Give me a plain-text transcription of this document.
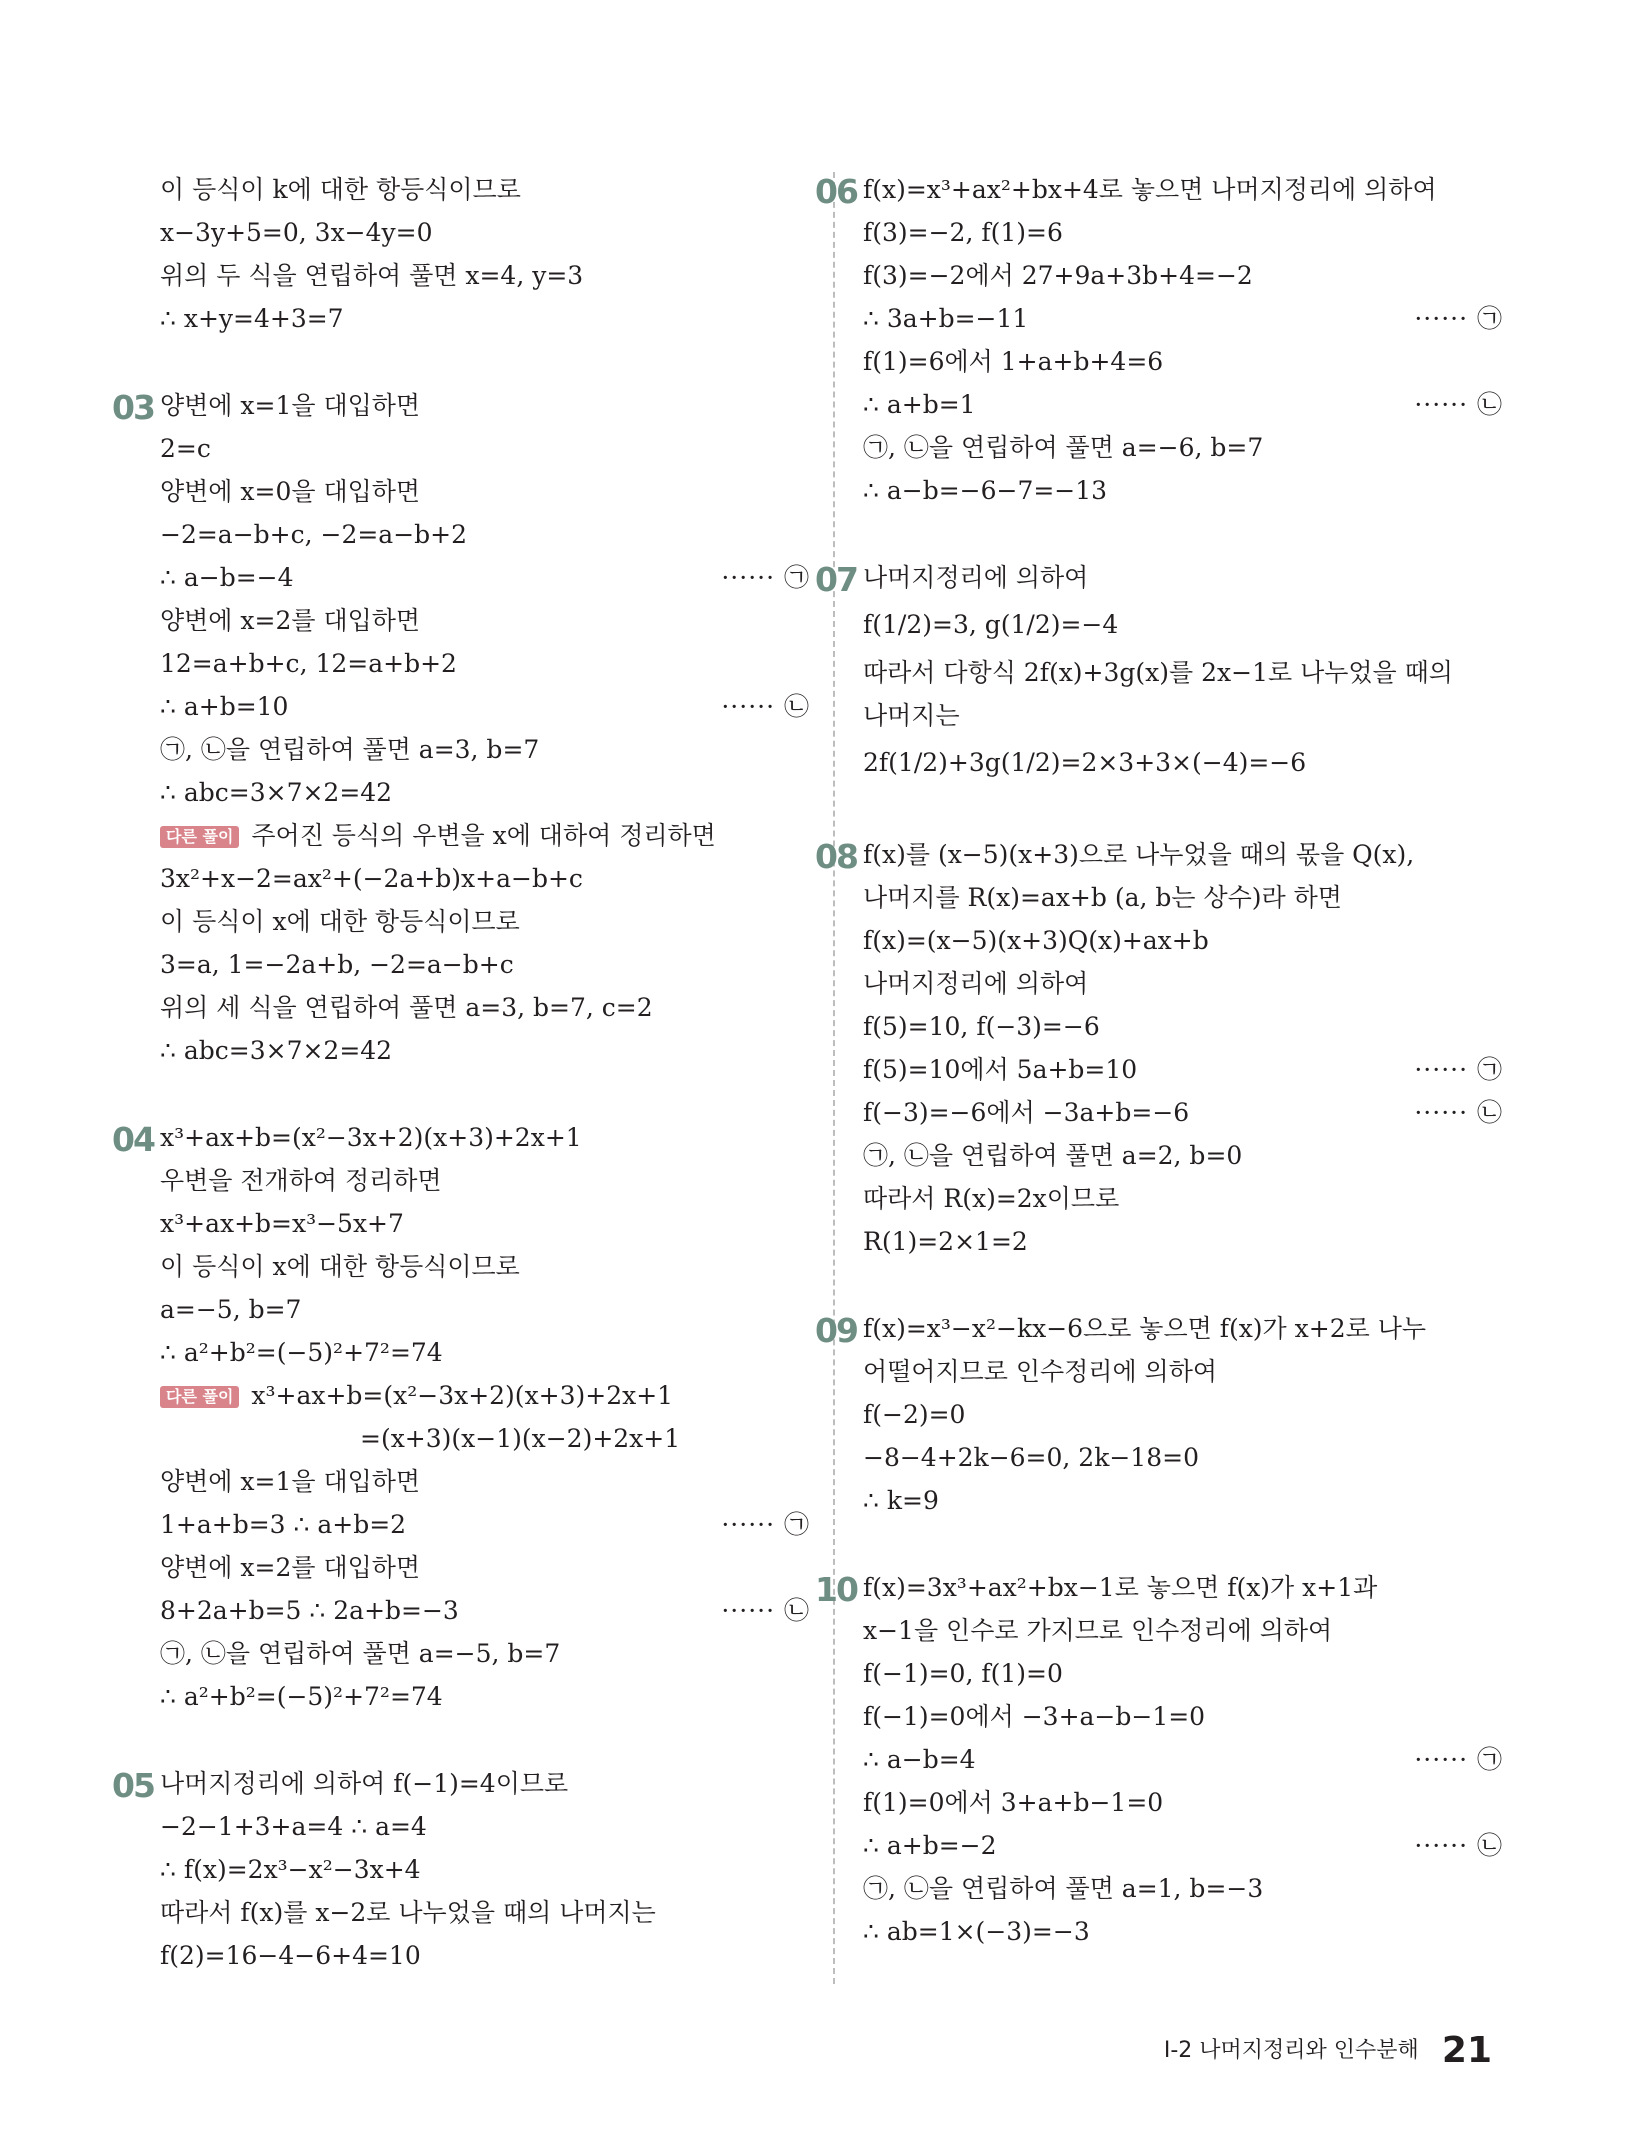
이 등식이 k에 대한 항등식이므로
x−3y+5=0, 3x−4y=0
위의 두 식을 연립하여 풀면 x=4, y=3
∴ x+y=4+3=7
03 양변에 x=1을 대입하면
2=c
양변에 x=0을 대입하면
−2=a−b+c, −2=a−b+2
∴ a−b=−4	······ ㉠
양변에 x=2를 대입하면
12=a+b+c, 12=a+b+2
∴ a+b=10	······ ㉡
㉠, ㉡을 연립하여 풀면 a=3, b=7
∴ abc=3×7×2=42
다른 풀이 주어진 등식의 우변을 x에 대하여 정리하면
3x²+x−2=ax²+(−2a+b)x+a−b+c
이 등식이 x에 대한 항등식이므로
3=a, 1=−2a+b, −2=a−b+c
위의 세 식을 연립하여 풀면 a=3, b=7, c=2
∴ abc=3×7×2=42
04 x³+ax+b=(x²−3x+2)(x+3)+2x+1
우변을 전개하여 정리하면
x³+ax+b=x³−5x+7
이 등식이 x에 대한 항등식이므로
a=−5, b=7
∴ a²+b²=(−5)²+7²=74
다른 풀이 x³+ax+b=(x²−3x+2)(x+3)+2x+1
=(x+3)(x−1)(x−2)+2x+1
양변에 x=1을 대입하면
1+a+b=3 ∴ a+b=2	······ ㉠
양변에 x=2를 대입하면
8+2a+b=5 ∴ 2a+b=−3	······ ㉡
㉠, ㉡을 연립하여 풀면 a=−5, b=7
∴ a²+b²=(−5)²+7²=74
05 나머지정리에 의하여 f(−1)=4이므로
−2−1+3+a=4 ∴ a=4
∴ f(x)=2x³−x²−3x+4
따라서 f(x)를 x−2로 나누었을 때의 나머지는
f(2)=16−4−6+4=10
06 f(x)=x³+ax²+bx+4로 놓으면 나머지정리에 의하여
f(3)=−2, f(1)=6
f(3)=−2에서 27+9a+3b+4=−2
∴ 3a+b=−11	······ ㉠
f(1)=6에서 1+a+b+4=6
∴ a+b=1	······ ㉡
㉠, ㉡을 연립하여 풀면 a=−6, b=7
∴ a−b=−6−7=−13
07 나머지정리에 의하여
f(1/2)=3, g(1/2)=−4
따라서 다항식 2f(x)+3g(x)를 2x−1로 나누었을 때의
나머지는
2f(1/2)+3g(1/2)=2×3+3×(−4)=−6
08 f(x)를 (x−5)(x+3)으로 나누었을 때의 몫을 Q(x),
나머지를 R(x)=ax+b (a, b는 상수)라 하면
f(x)=(x−5)(x+3)Q(x)+ax+b
나머지정리에 의하여
f(5)=10, f(−3)=−6
f(5)=10에서 5a+b=10	······ ㉠
f(−3)=−6에서 −3a+b=−6	······ ㉡
㉠, ㉡을 연립하여 풀면 a=2, b=0
따라서 R(x)=2x이므로
R(1)=2×1=2
09 f(x)=x³−x²−kx−6으로 놓으면 f(x)가 x+2로 나누
어떨어지므로 인수정리에 의하여
f(−2)=0
−8−4+2k−6=0, 2k−18=0
∴ k=9
10 f(x)=3x³+ax²+bx−1로 놓으면 f(x)가 x+1과
x−1을 인수로 가지므로 인수정리에 의하여
f(−1)=0, f(1)=0
f(−1)=0에서 −3+a−b−1=0
∴ a−b=4	······ ㉠
f(1)=0에서 3+a+b−1=0
∴ a+b=−2	······ ㉡
㉠, ㉡을 연립하여 풀면 a=1, b=−3
∴ ab=1×(−3)=−3
Ⅰ-2 나머지정리와 인수분해 21
